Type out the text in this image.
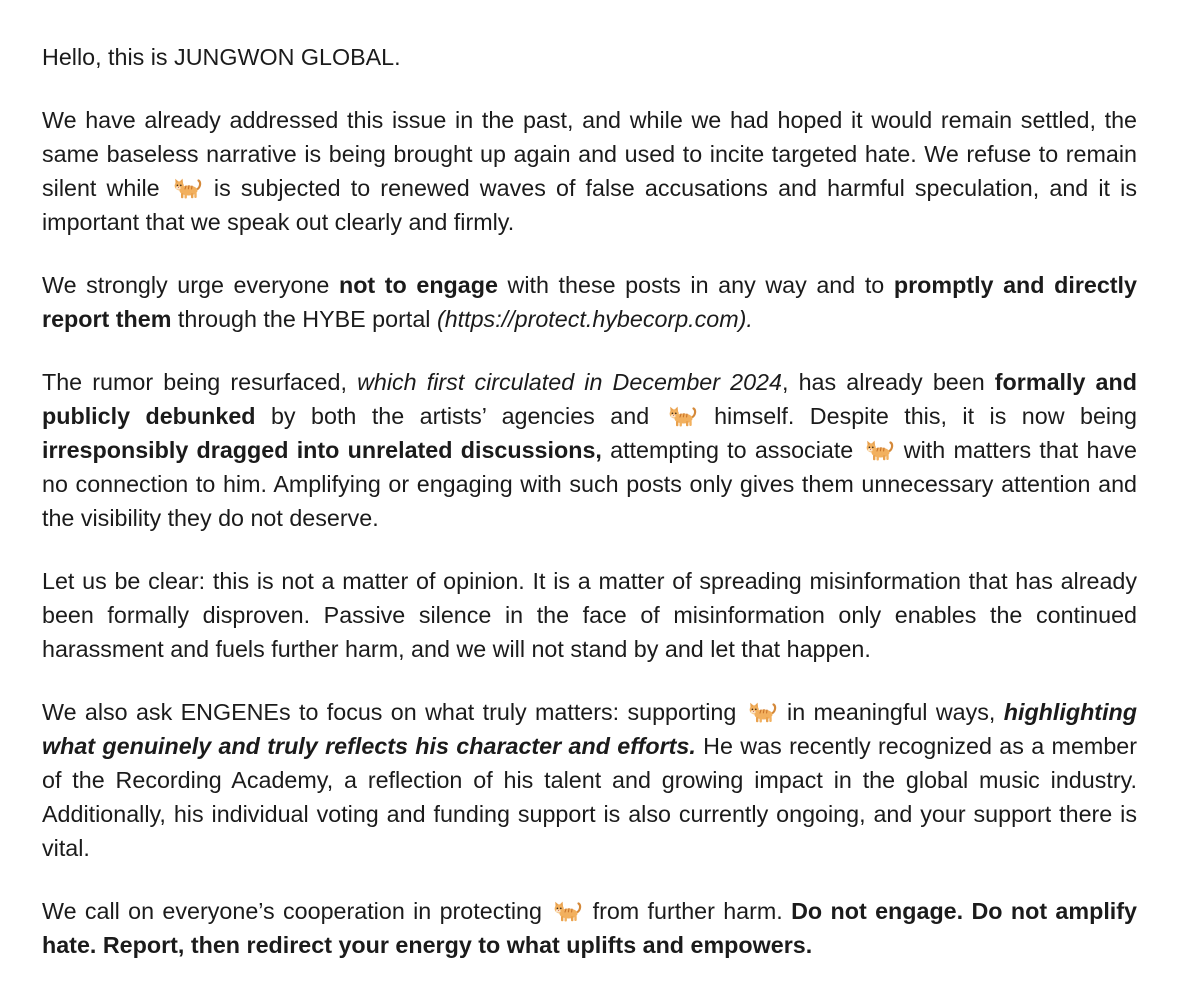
Hello, this is JUNGWON GLOBAL.

We have already addressed this issue in the past, and while we had hoped it would remain settled, the same baseless narrative is being brought up again and used to incite targeted hate. We refuse to remain silent while
is subjected to renewed waves of false accusations and harmful speculation, and it is important that we speak out clearly and firmly.

We strongly urge everyone not to engage with these posts in any way and to promptly and directly report them through the HYBE portal (https://protect.hybecorp.com).

The rumor being resurfaced, which first circulated in December 2024, has already been formally and publicly debunked by both the artists’ agencies and
himself. Despite this, it is now being irresponsibly dragged into unrelated discussions, attempting to associate
with matters that have no connection to him. Amplifying or engaging with such posts only gives them unnecessary attention and the visibility they do not deserve.

Let us be clear: this is not a matter of opinion. It is a matter of spreading misinformation that has already been formally disproven. Passive silence in the face of misinformation only enables the continued harassment and fuels further harm, and we will not stand by and let that happen.

We also ask ENGENEs to focus on what truly matters: supporting
in meaningful ways, highlighting what genuinely and truly reflects his character and efforts. He was recently recognized as a member of the Recording Academy, a reflection of his talent and growing impact in the global music industry. Additionally, his individual voting and funding support is also currently ongoing, and your support there is vital.

We call on everyone’s cooperation in protecting
from further harm. Do not engage. Do not amplify hate. Report, then redirect your energy to what uplifts and empowers.
